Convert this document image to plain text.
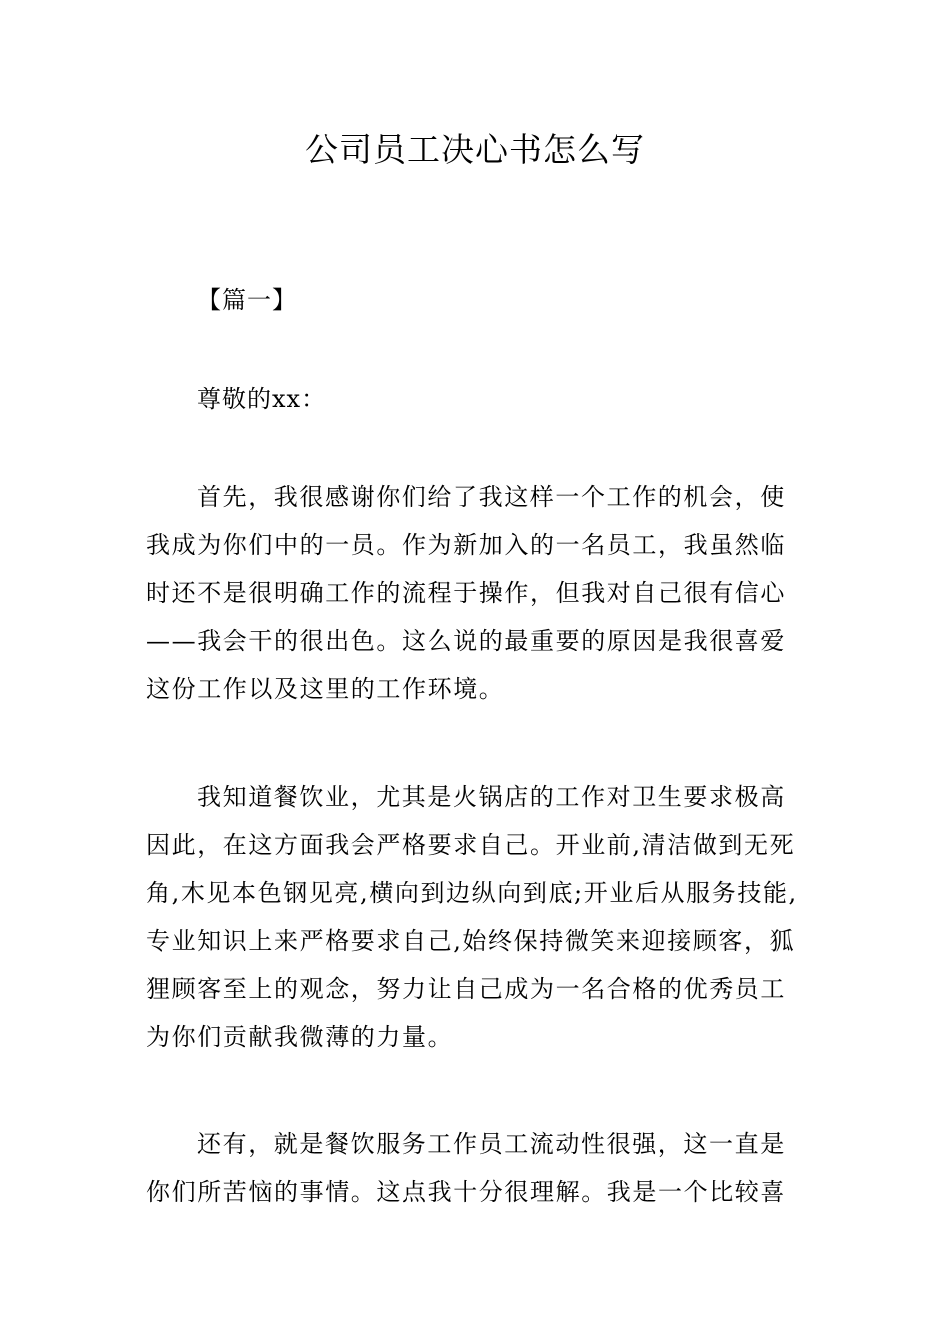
公司员工决心书怎么写
【篇一】
尊敬的xx：
首先，我很感谢你们给了我这样一个工作的机会，使
我成为你们中的一员。作为新加入的一名员工，我虽然临
时还不是很明确工作的流程于操作，但我对自己很有信心
——我会干的很出色。这么说的最重要的原因是我很喜爱
这份工作以及这里的工作环境。
我知道餐饮业，尤其是火锅店的工作对卫生要求极高
因此，在这方面我会严格要求自己。开业前,清洁做到无死
角,木见本色钢见亮,横向到边纵向到底;开业后从服务技能,
专业知识上来严格要求自己,始终保持微笑来迎接顾客，狐
狸顾客至上的观念，努力让自己成为一名合格的优秀员工
为你们贡献我微薄的力量。
还有，就是餐饮服务工作员工流动性很强，这一直是
你们所苦恼的事情。这点我十分很理解。我是一个比较喜
